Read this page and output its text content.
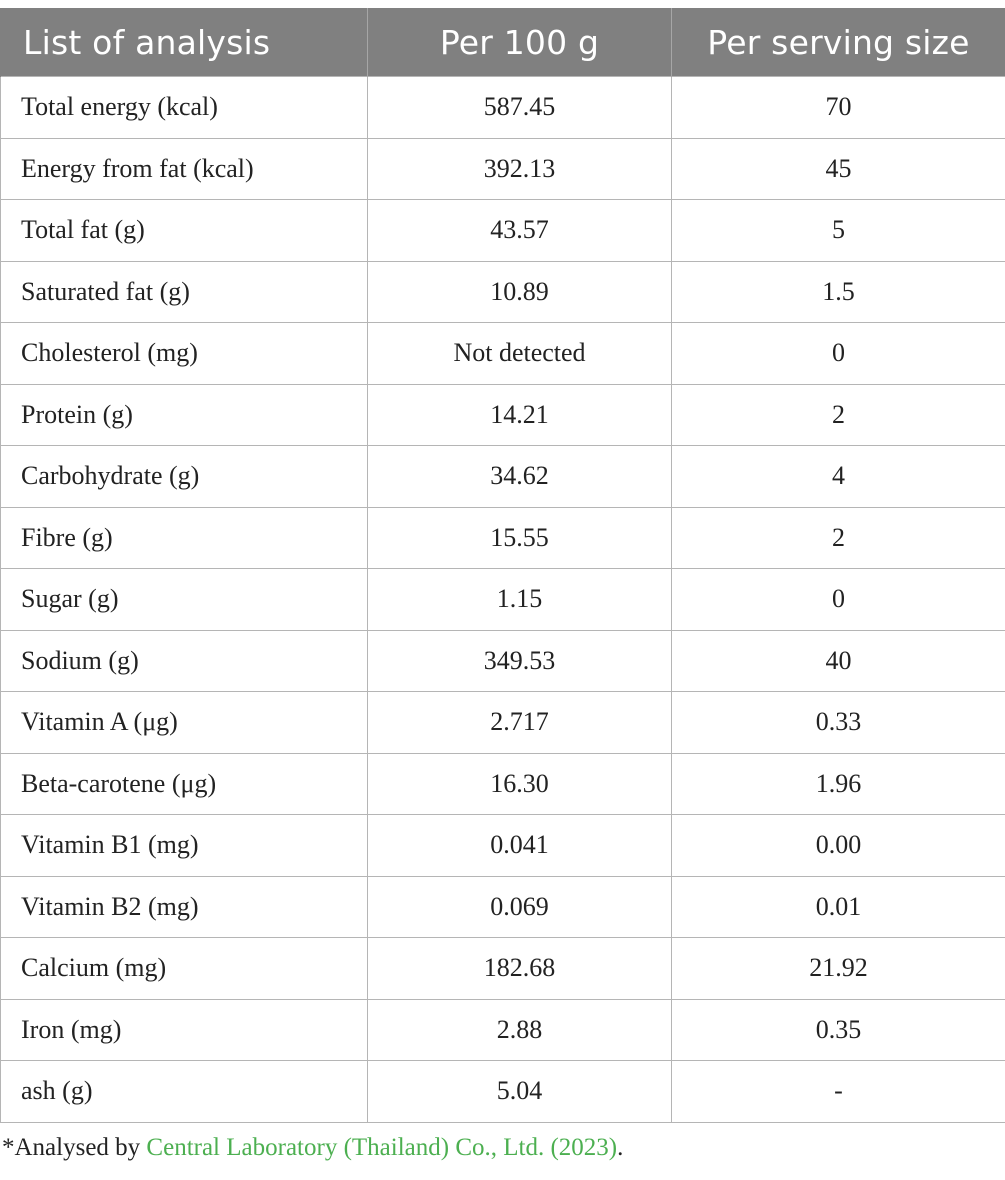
List of analysis	Per 100 g	Per serving size
Total energy (kcal)	587.45	70
Energy from fat (kcal)	392.13	45
Total fat (g)	43.57	5
Saturated fat (g)	10.89	1.5
Cholesterol (mg)	Not detected	0
Protein (g)	14.21	2
Carbohydrate (g)	34.62	4
Fibre (g)	15.55	2
Sugar (g)	1.15	0
Sodium (g)	349.53	40
Vitamin A (μg)	2.717	0.33
Beta-carotene (μg)	16.30	1.96
Vitamin B1 (mg)	0.041	0.00
Vitamin B2 (mg)	0.069	0.01
Calcium (mg)	182.68	21.92
Iron (mg)	2.88	0.35
ash (g)	5.04	-
*Analysed by Central Laboratory (Thailand) Co., Ltd. (2023).
